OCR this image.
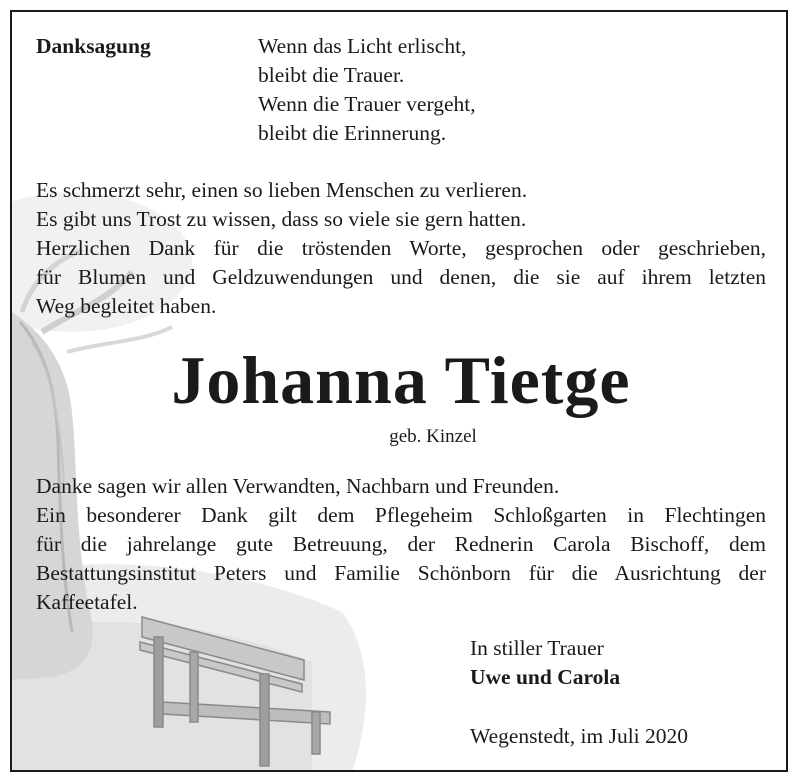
Danksagung	Wenn das Licht erlischt,
bleibt die Trauer.
Wenn die Trauer vergeht,
bleibt die Erinnerung.
Es schmerzt sehr, einen so lieben Menschen zu verlieren.
Es gibt uns Trost zu wissen, dass so viele sie gern hatten.
Herzlichen Dank für die tröstenden Worte, gesprochen oder geschrieben,
für Blumen und Geldzuwendungen und denen, die sie auf ihrem letzten
Weg begleitet haben.
Johanna Tietge
geb. Kinzel
Danke sagen wir allen Verwandten, Nachbarn und Freunden.
Ein besonderer Dank gilt dem Pflegeheim Schloßgarten in Flechtingen
für die jahrelange gute Betreuung, der Rednerin Carola Bischoff, dem
Bestattungsinstitut Peters und Familie Schönborn für die Ausrichtung der
Kaffeetafel.
In stiller Trauer
Uwe und Carola
Wegenstedt, im Juli 2020
